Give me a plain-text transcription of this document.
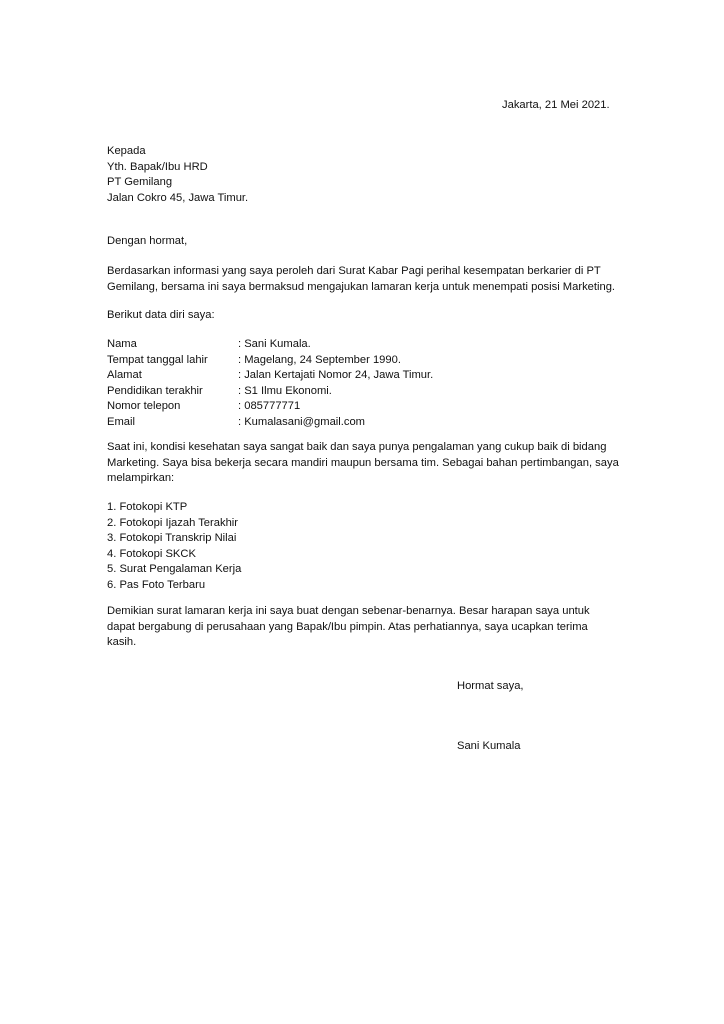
Jakarta, 21 Mei 2021.
Kepada
Yth. Bapak/Ibu HRD
PT Gemilang
Jalan Cokro 45, Jawa Timur.
Dengan hormat,
Berdasarkan informasi yang saya peroleh dari Surat Kabar Pagi perihal kesempatan berkarier di PT
Gemilang, bersama ini saya bermaksud mengajukan lamaran kerja untuk menempati posisi Marketing.
Berikut data diri saya:
Nama	: Sani Kumala.
Tempat tanggal lahir	: Magelang, 24 September 1990.
Alamat	: Jalan Kertajati Nomor 24, Jawa Timur.
Pendidikan terakhir	: S1 Ilmu Ekonomi.
Nomor telepon	: 085777771
Email	: Kumalasani@gmail.com
Saat ini, kondisi kesehatan saya sangat baik dan saya punya pengalaman yang cukup baik di bidang
Marketing. Saya bisa bekerja secara mandiri maupun bersama tim. Sebagai bahan pertimbangan, saya
melampirkan:
1. Fotokopi KTP
2. Fotokopi Ijazah Terakhir
3. Fotokopi Transkrip Nilai
4. Fotokopi SKCK
5. Surat Pengalaman Kerja
6. Pas Foto Terbaru
Demikian surat lamaran kerja ini saya buat dengan sebenar-benarnya. Besar harapan saya untuk
dapat bergabung di perusahaan yang Bapak/Ibu pimpin. Atas perhatiannya, saya ucapkan terima
kasih.
Hormat saya,
Sani Kumala
